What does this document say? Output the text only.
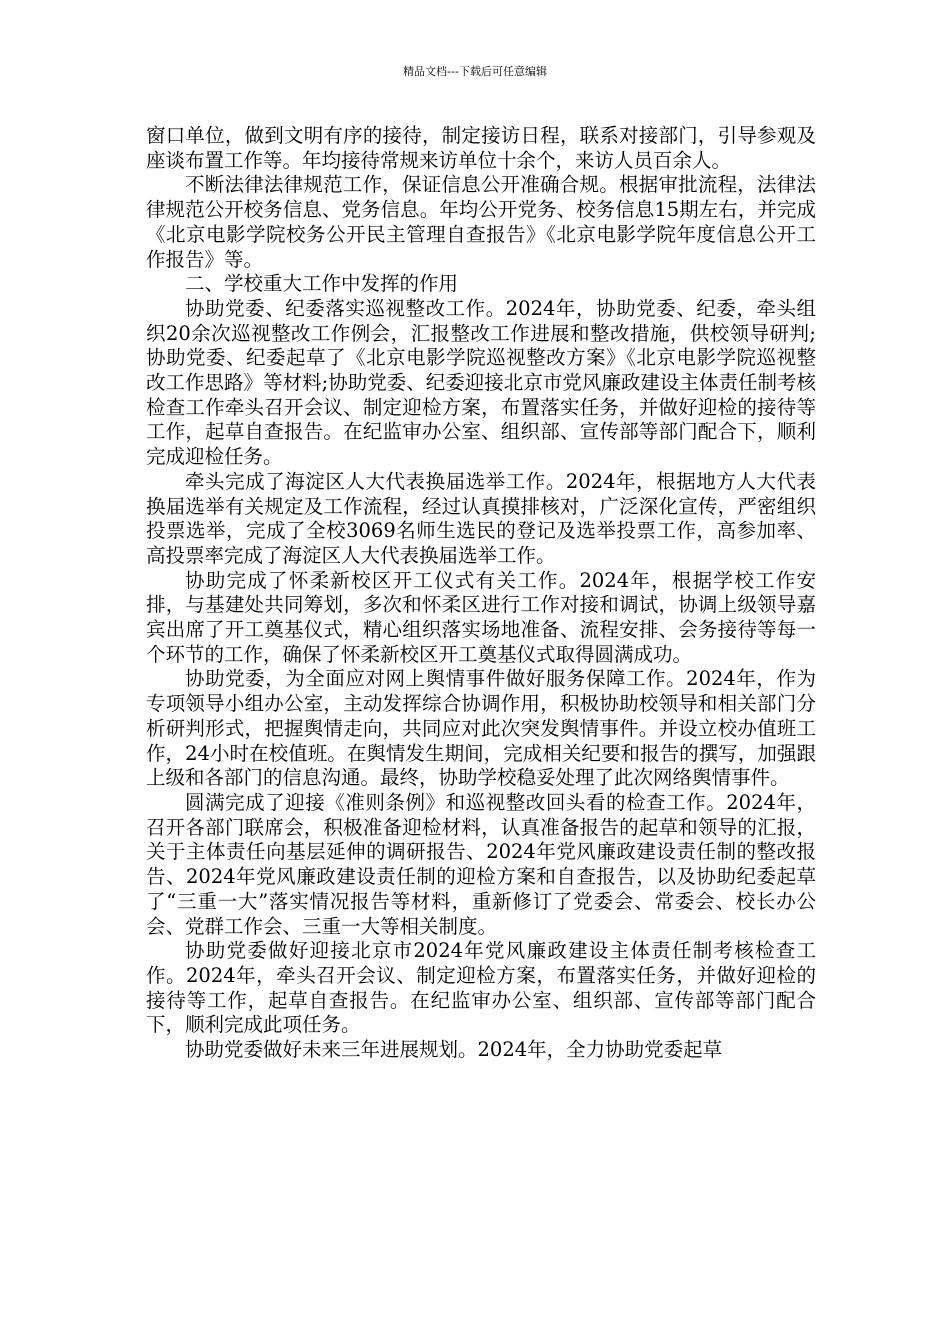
精品文档---下载后可任意编辑

窗口单位，做到文明有序的接待，制定接访日程，联系对接部门，引导参观及座谈布置工作等。年均接待常规来访单位十余个，来访人员百余人。

不断法律法律规范工作，保证信息公开准确合规。根据审批流程，法律法律规范公开校务信息、党务信息。年均公开党务、校务信息15期左右，并完成《北京电影学院校务公开民主管理自查报告》《北京电影学院年度信息公开工作报告》等。

二、学校重大工作中发挥的作用

协助党委、纪委落实巡视整改工作。2024年，协助党委、纪委，牵头组织20余次巡视整改工作例会，汇报整改工作进展和整改措施，供校领导研判;协助党委、纪委起草了《北京电影学院巡视整改方案》《北京电影学院巡视整改工作思路》等材料;协助党委、纪委迎接北京市党风廉政建设主体责任制考核检查工作牵头召开会议、制定迎检方案，布置落实任务，并做好迎检的接待等工作，起草自查报告。在纪监审办公室、组织部、宣传部等部门配合下，顺利完成迎检任务。

牵头完成了海淀区人大代表换届选举工作。2024年，根据地方人大代表换届选举有关规定及工作流程，经过认真摸排核对，广泛深化宣传，严密组织投票选举，完成了全校3069名师生选民的登记及选举投票工作，高参加率、高投票率完成了海淀区人大代表换届选举工作。

协助完成了怀柔新校区开工仪式有关工作。2024年，根据学校工作安排，与基建处共同筹划，多次和怀柔区进行工作对接和调试，协调上级领导嘉宾出席了开工奠基仪式，精心组织落实场地准备、流程安排、会务接待等每一个环节的工作，确保了怀柔新校区开工奠基仪式取得圆满成功。

协助党委，为全面应对网上舆情事件做好服务保障工作。2024年，作为专项领导小组办公室，主动发挥综合协调作用，积极协助校领导和相关部门分析研判形式，把握舆情走向，共同应对此次突发舆情事件。并设立校办值班工作，24小时在校值班。在舆情发生期间，完成相关纪要和报告的撰写，加强跟上级和各部门的信息沟通。最终，协助学校稳妥处理了此次网络舆情事件。

圆满完成了迎接《准则条例》和巡视整改回头看的检查工作。2024年，召开各部门联席会，积极准备迎检材料，认真准备报告的起草和领导的汇报，关于主体责任向基层延伸的调研报告、2024年党风廉政建设责任制的整改报告、2024年党风廉政建设责任制的迎检方案和自查报告，以及协助纪委起草了“三重一大”落实情况报告等材料，重新修订了党委会、常委会、校长办公会、党群工作会、三重一大等相关制度。

协助党委做好迎接北京市2024年党风廉政建设主体责任制考核检查工作。2024年，牵头召开会议、制定迎检方案，布置落实任务，并做好迎检的接待等工作，起草自查报告。在纪监审办公室、组织部、宣传部等部门配合下，顺利完成此项任务。

协助党委做好未来三年进展规划。2024年，全力协助党委起草
